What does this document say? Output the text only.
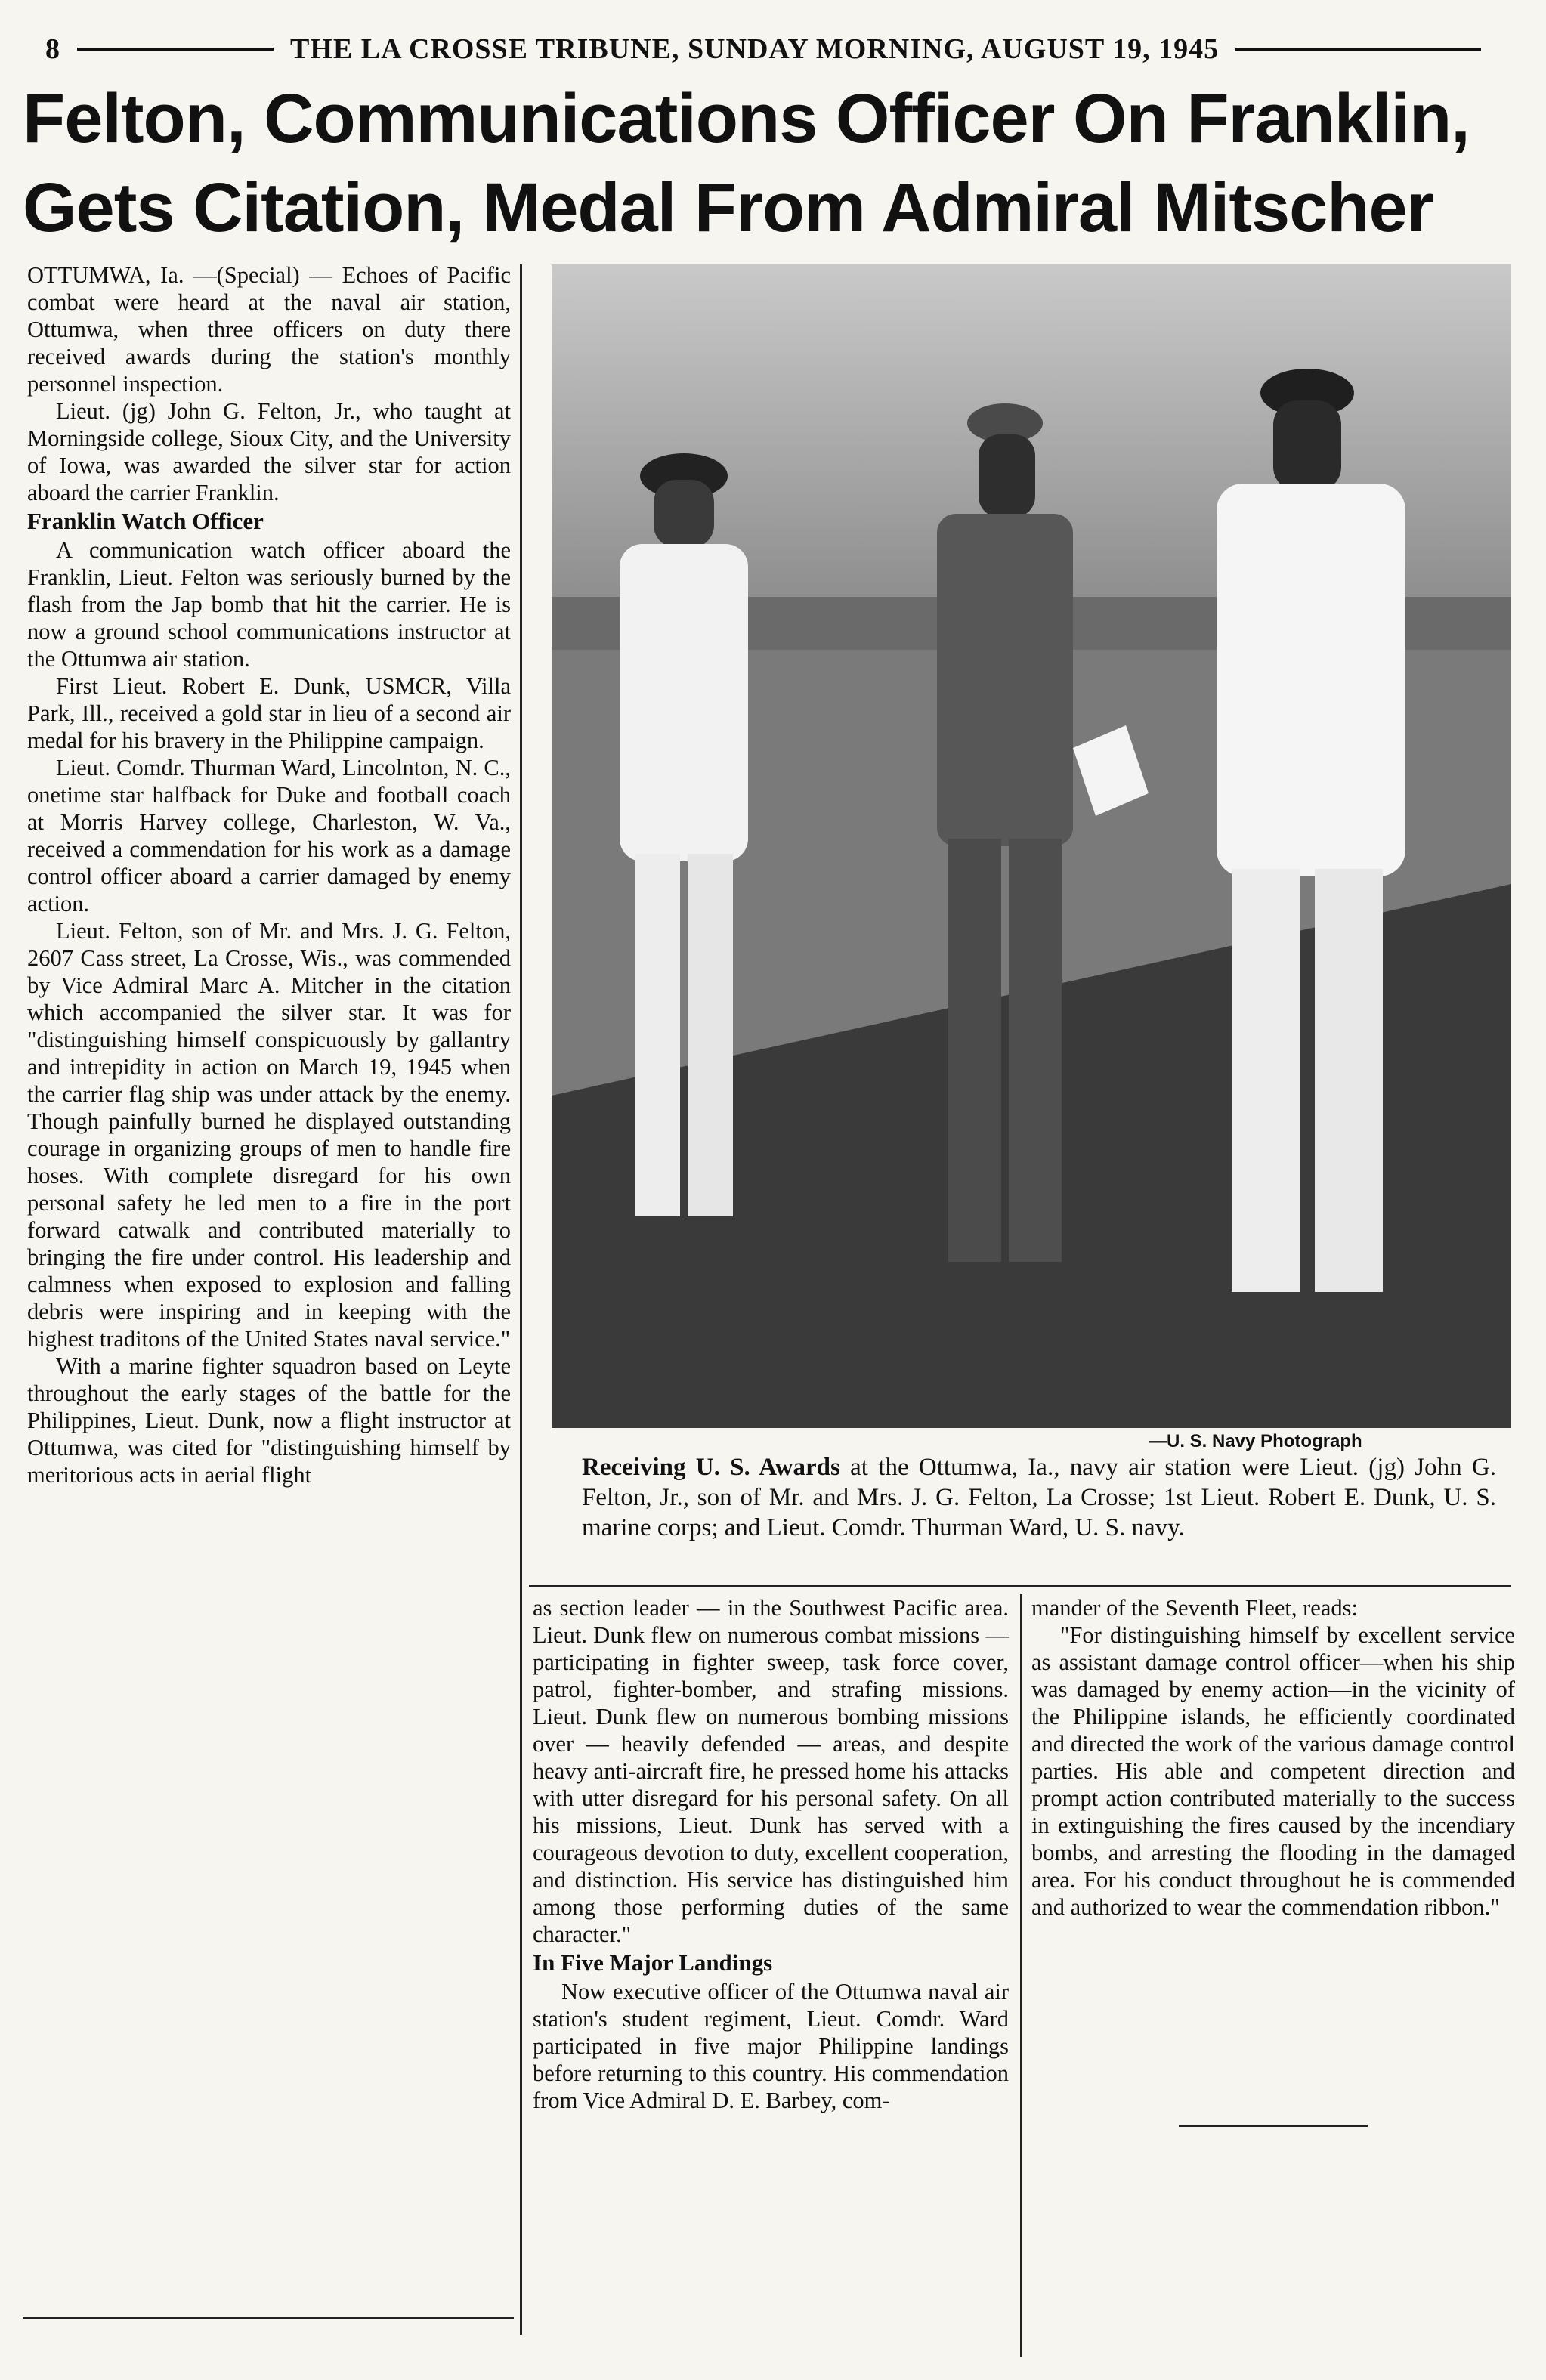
8	THE LA CROSSE TRIBUNE, SUNDAY MORNING, AUGUST 19, 1945
Felton, Communications Officer On Franklin,
Gets Citation, Medal From Admiral Mitscher

OTTUMWA, Ia. —(Special) — Echoes of Pacific combat were heard at the naval air station, Ottumwa, when three officers on duty there received awards during the station's monthly personnel inspection.

Lieut. (jg) John G. Felton, Jr., who taught at Morningside college, Sioux City, and the University of Iowa, was awarded the silver star for action aboard the carrier Franklin.

Franklin Watch Officer

A communication watch officer aboard the Franklin, Lieut. Felton was seriously burned by the flash from the Jap bomb that hit the carrier. He is now a ground school communications instructor at the Ottumwa air station.

First Lieut. Robert E. Dunk, USMCR, Villa Park, Ill., received a gold star in lieu of a second air medal for his bravery in the Philippine campaign.

Lieut. Comdr. Thurman Ward, Lincolnton, N. C., onetime star halfback for Duke and football coach at Morris Harvey college, Charleston, W. Va., received a commendation for his work as a damage control officer aboard a carrier damaged by enemy action.

Lieut. Felton, son of Mr. and Mrs. J. G. Felton, 2607 Cass street, La Crosse, Wis., was commended by Vice Admiral Marc A. Mitcher in the citation which accompanied the silver star. It was for "distinguishing himself conspicuously by gallantry and intrepidity in action on March 19, 1945 when the carrier flag ship was under attack by the enemy. Though painfully burned he displayed outstanding courage in organizing groups of men to handle fire hoses. With complete disregard for his own personal safety he led men to a fire in the port forward catwalk and contributed materially to bringing the fire under control. His leadership and calmness when exposed to explosion and falling debris were inspiring and in keeping with the highest traditons of the United States naval service."

With a marine fighter squadron based on Leyte throughout the early stages of the battle for the Philippines, Lieut. Dunk, now a flight instructor at Ottumwa, was cited for "distinguishing himself by meritorious acts in aerial flight

—U. S. Navy Photograph
Receiving U. S. Awards at the Ottumwa, Ia., navy air station were Lieut. (jg) John G. Felton, Jr., son of Mr. and Mrs. J. G. Felton, La Crosse; 1st Lieut. Robert E. Dunk, U. S. marine corps; and Lieut. Comdr. Thurman Ward, U. S. navy.

as section leader — in the Southwest Pacific area. Lieut. Dunk flew on numerous combat missions — participating in fighter sweep, task force cover, patrol, fighter-bomber, and strafing missions. Lieut. Dunk flew on numerous bombing missions over — heavily defended — areas, and despite heavy anti-aircraft fire, he pressed home his attacks with utter disregard for his personal safety. On all his missions, Lieut. Dunk has served with a courageous devotion to duty, excellent cooperation, and distinction. His service has distinguished him among those performing duties of the same character."

In Five Major Landings

Now executive officer of the Ottumwa naval air station's student regiment, Lieut. Comdr. Ward participated in five major Philippine landings before returning to this country. His commendation from Vice Admiral D. E. Barbey, com-

mander of the Seventh Fleet, reads:

"For distinguishing himself by excellent service as assistant damage control officer—when his ship was damaged by enemy action—in the vicinity of the Philippine islands, he efficiently coordinated and directed the work of the various damage control parties. His able and competent direction and prompt action contributed materially to the success in extinguishing the fires caused by the incendiary bombs, and arresting the flooding in the damaged area. For his conduct throughout he is commended and authorized to wear the commendation ribbon."
